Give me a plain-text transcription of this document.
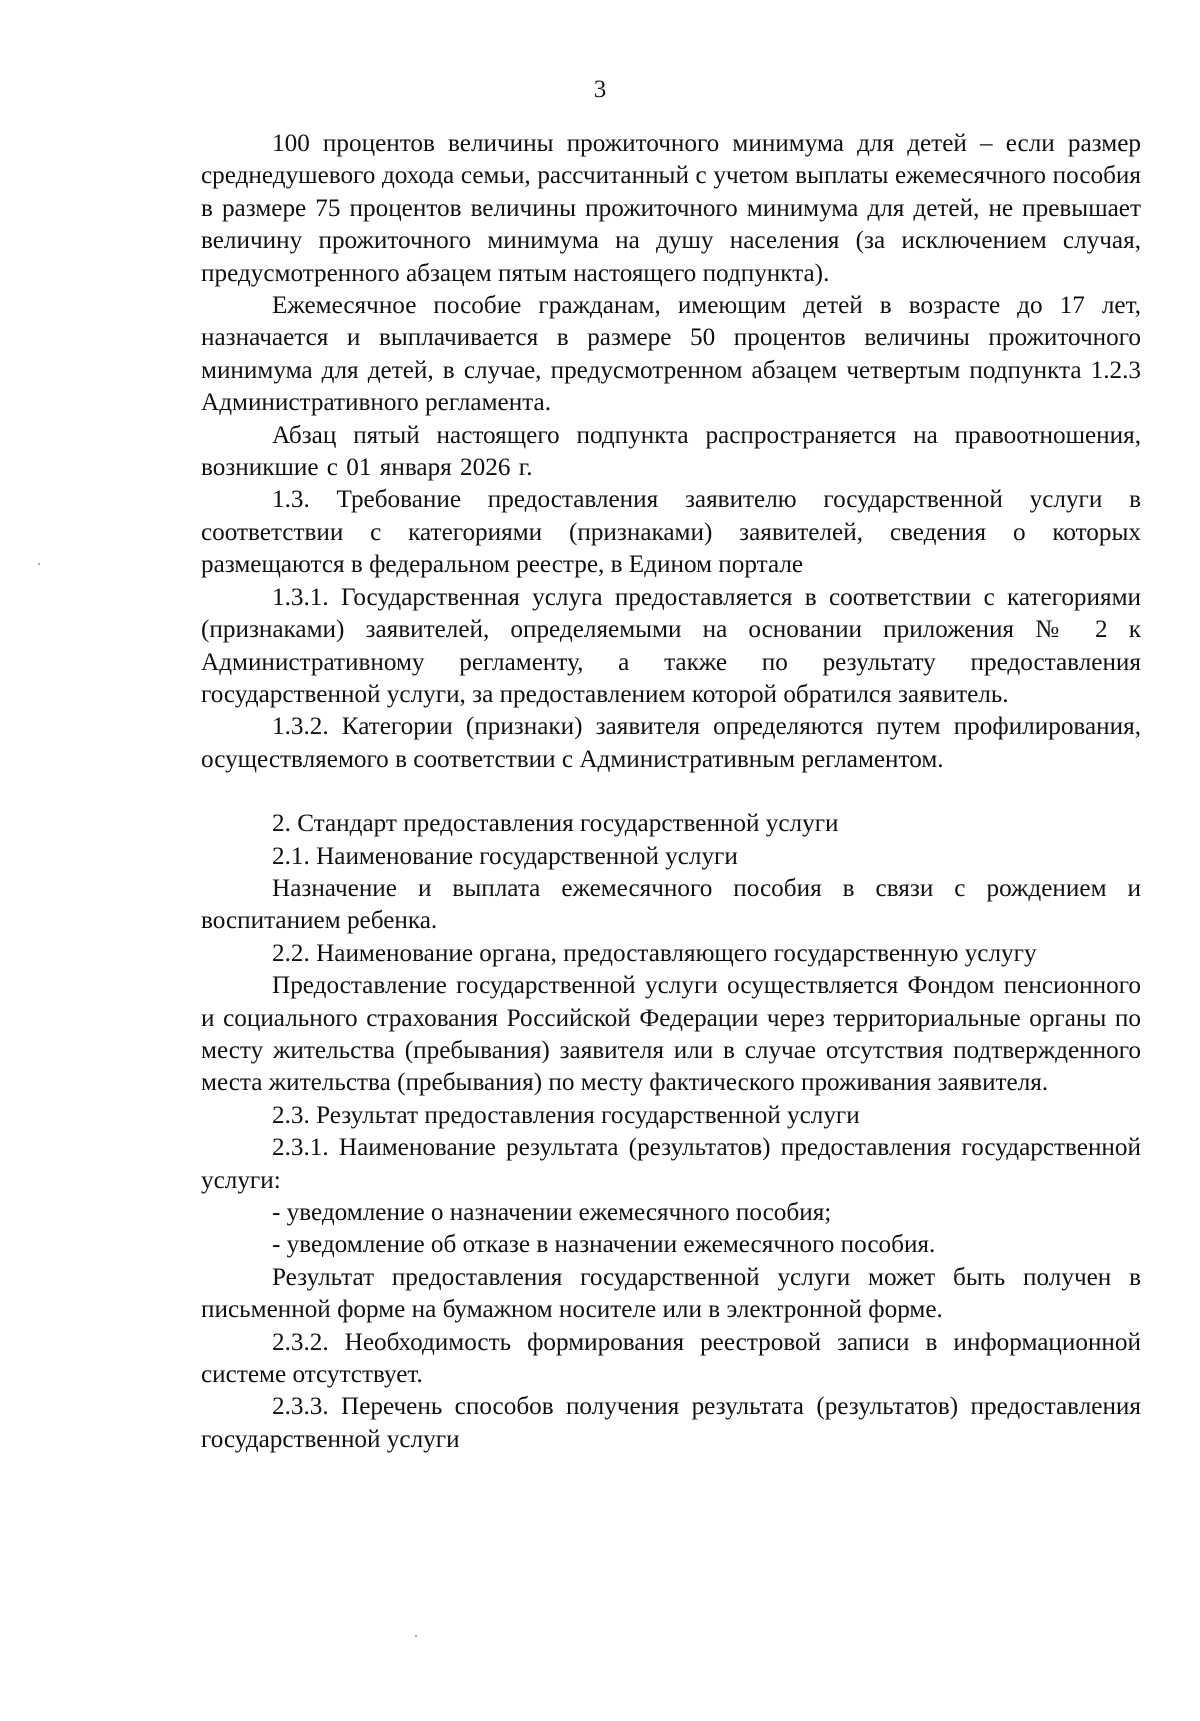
3

100 процентов величины прожиточного минимума для детей – если размер среднедушевого дохода семьи, рассчитанный с учетом выплаты ежемесячного пособия в размере 75 процентов величины прожиточного минимума для детей, не превышает величину прожиточного минимума на душу населения (за исключением случая, предусмотренного абзацем пятым настоящего подпункта).

Ежемесячное пособие гражданам, имеющим детей в возрасте до 17 лет, назначается и выплачивается в размере 50 процентов величины прожиточного минимума для детей, в случае, предусмотренном абзацем четвертым подпункта 1.2.3 Административного регламента.

Абзац пятый настоящего подпункта распространяется на правоотношения, возникшие с 01 января 2026 г.

1.3. Требование предоставления заявителю государственной услуги в соответствии с категориями (признаками) заявителей, сведения о которых размещаются в федеральном реестре, в Едином портале

1.3.1. Государственная услуга предоставляется в соответствии с категориями (признаками) заявителей, определяемыми на основании приложения № 2 к Административному регламенту, а также по результату предоставления государственной услуги, за предоставлением которой обратился заявитель.

1.3.2. Категории (признаки) заявителя определяются путем профилирования, осуществляемого в соответствии с Административным регламентом.

2. Стандарт предоставления государственной услуги

2.1. Наименование государственной услуги

Назначение и выплата ежемесячного пособия в связи с рождением и воспитанием ребенка.

2.2. Наименование органа, предоставляющего государственную услугу

Предоставление государственной услуги осуществляется Фондом пенсионного и социального страхования Российской Федерации через территориальные органы по месту жительства (пребывания) заявителя или в случае отсутствия подтвержденного места жительства (пребывания) по месту фактического проживания заявителя.

2.3. Результат предоставления государственной услуги

2.3.1. Наименование результата (результатов) предоставления государственной услуги:

- уведомление о назначении ежемесячного пособия;

- уведомление об отказе в назначении ежемесячного пособия.

Результат предоставления государственной услуги может быть получен в письменной форме на бумажном носителе или в электронной форме.

2.3.2. Необходимость формирования реестровой записи в информационной системе отсутствует.

2.3.3. Перечень способов получения результата (результатов) предоставления государственной услуги
